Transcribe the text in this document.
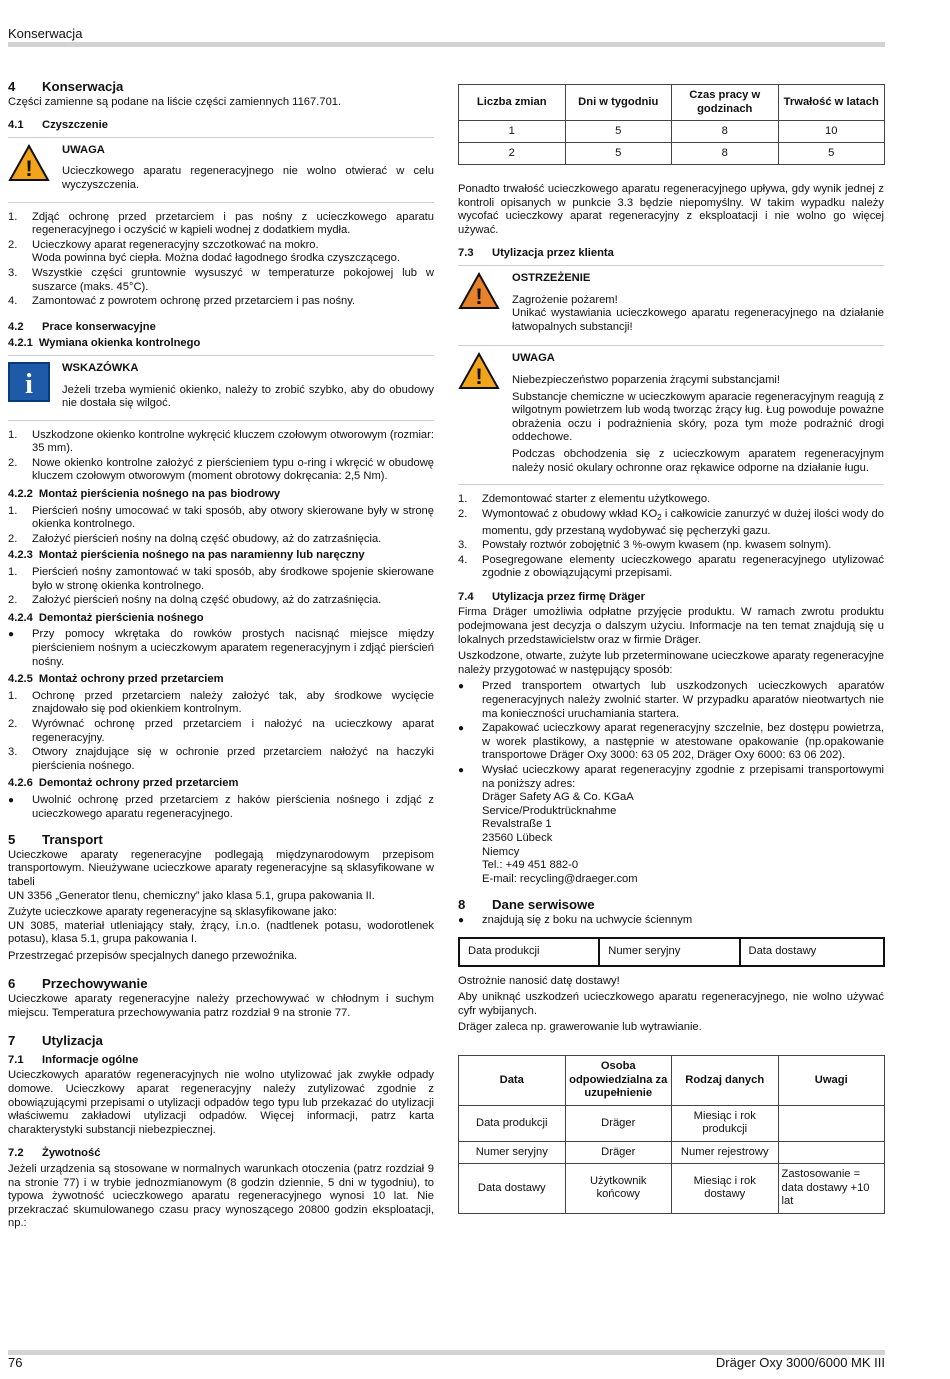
Konserwacja
4	Konserwacja

Części zamienne są podane na liście części zamiennych 1167.701.

4.1	Czyszczenie
!
UWAGA

Ucieczkowego aparatu regeneracyjnego nie wolno otwierać w celu wyczyszczenia.

1.	Zdjąć ochronę przed przetarciem i pas nośny z ucieczkowego aparatu regeneracyjnego i oczyścić w kąpieli wodnej z dodatkiem mydła.
2.	Ucieczkowy aparat regeneracyjny szczotkować na mokro.
Woda powinna być ciepła. Można dodać łagodnego środka czyszczącego.
3.	Wszystkie części gruntownie wysuszyć w temperaturze pokojowej lub w suszarce (maks. 45°C).
4.	Zamontować z powrotem ochronę przed przetarciem i pas nośny.
4.2	Prace konserwacyjne
4.2.1 Wymiana okienka kontrolnego
i
WSKAZÓWKA

Jeżeli trzeba wymienić okienko, należy to zrobić szybko, aby do obudowy nie dostała się wilgoć.

1.	Uszkodzone okienko kontrolne wykręcić kluczem czołowym otworowym (rozmiar: 35 mm).
2.	Nowe okienko kontrolne założyć z pierścieniem typu o-ring i wkręcić w obudowę kluczem czołowym otworowym (moment obrotowy dokręcania: 2,5 Nm).
4.2.2 Montaż pierścienia nośnego na pas biodrowy
1.	Pierścień nośny umocować w taki sposób, aby otwory skierowane były w stronę okienka kontrolnego.
2.	Założyć pierścień nośny na dolną część obudowy, aż do zatrzaśnięcia.
4.2.3 Montaż pierścienia nośnego na pas naramienny lub naręczny
1.	Pierścień nośny zamontować w taki sposób, aby środkowe spojenie skierowane było w stronę okienka kontrolnego.
2.	Założyć pierścień nośny na dolną część obudowy, aż do zatrzaśnięcia.
4.2.4 Demontaż pierścienia nośnego
●
Przy pomocy wkrętaka do rowków prostych nacisnąć miejsce między pierścieniem nośnym a ucieczkowym aparatem regeneracyjnym i zdjąć pierścień nośny.
4.2.5 Montaż ochrony przed przetarciem
1.	Ochronę przed przetarciem należy założyć tak, aby środkowe wycięcie znajdowało się pod okienkiem kontrolnym.
2.	Wyrównać ochronę przed przetarciem i nałożyć na ucieczkowy aparat regeneracyjny.
3.	Otwory znajdujące się w ochronie przed przetarciem nałożyć na haczyki pierścienia nośnego.
4.2.6 Demontaż ochrony przed przetarciem
●
Uwolnić ochronę przed przetarciem z haków pierścienia nośnego i zdjąć z ucieczkowego aparatu regeneracyjnego.
5	Transport

Ucieczkowe aparaty regeneracyjne podlegają międzynarodowym przepisom transportowym. Nieużywane ucieczkowe aparaty regeneracyjne są sklasyfikowane w tabeli
UN 3356 „Generator tlenu, chemiczny” jako klasa 5.1, grupa pakowania II.

Zużyte ucieczkowe aparaty regeneracyjne są sklasyfikowane jako:
UN 3085, materiał utleniający stały, żrący, i.n.o. (nadtlenek potasu, wodorotlenek potasu), klasa 5.1, grupa pakowania I.

Przestrzegać przepisów specjalnych danego przewoźnika.

6	Przechowywanie

Ucieczkowe aparaty regeneracyjne należy przechowywać w chłodnym i suchym miejscu. Temperatura przechowywania patrz rozdział 9 na stronie 77.

7	Utylizacja
7.1	Informacje ogólne

Ucieczkowych aparatów regeneracyjnych nie wolno utylizować jak zwykłe odpady domowe. Ucieczkowy aparat regeneracyjny należy zutylizować zgodnie z obowiązującymi przepisami o utylizacji odpadów tego typu lub przekazać do utylizacji właściwemu zakładowi utylizacji odpadów. Więcej informacji, patrz karta charakterystyki substancji niebezpiecznej.

7.2	Żywotność

Jeżeli urządzenia są stosowane w normalnych warunkach otoczenia (patrz rozdział 9 na stronie 77) i w trybie jednozmianowym (8 godzin dziennie, 5 dni w tygodniu), to typowa żywotność ucieczkowego aparatu regeneracyjnego wynosi 10 lat. Nie przekraczać skumulowanego czasu pracy wynoszącego 20800 godzin eksploatacji, np.:

Liczba zmian	Dni w tygodniu	Czas pracy w godzinach	Trwałość w latach
1	5	8	10
2	5	8	5

Ponadto trwałość ucieczkowego aparatu regeneracyjnego upływa, gdy wynik jednej z kontroli opisanych w punkcie 3.3 będzie niepomyślny. W takim wypadku należy wycofać ucieczkowy aparat regeneracyjny z eksploatacji i nie wolno go więcej używać.

7.3	Utylizacja przez klienta
!
OSTRZEŻENIE

Zagrożenie pożarem!

Unikać wystawiania ucieczkowego aparatu regeneracyjnego na działanie łatwopalnych substancji!

!
UWAGA

Niebezpieczeństwo poparzenia żrącymi substancjami!

Substancje chemiczne w ucieczkowym aparacie regeneracyjnym reagują z wilgotnym powietrzem lub wodą tworząc żrący ług. Ług powoduje poważne obrażenia oczu i podrażnienia skóry, poza tym może podrażnić drogi oddechowe.

Podczas obchodzenia się z ucieczkowym aparatem regeneracyjnym należy nosić okulary ochronne oraz rękawice odporne na działanie ługu.

1.	Zdemontować starter z elementu użytkowego.
2.	Wymontować z obudowy wkład $KO_2$ i całkowicie zanurzyć w dużej ilości wody do momentu, gdy przestaną wydobywać się pęcherzyki gazu.
3.	Powstały roztwór zobojętnić 3 %-owym kwasem (np. kwasem solnym).
4.	Posegregowane elementy ucieczkowego aparatu regeneracyjnego utylizować zgodnie z obowiązującymi przepisami.
7.4	Utylizacja przez firmę Dräger

Firma Dräger umożliwia odpłatne przyjęcie produktu. W ramach zwrotu produktu podejmowana jest decyzja o dalszym użyciu. Informacje na ten temat znajdują się u lokalnych przedstawicielstw oraz w firmie Dräger.

Uszkodzone, otwarte, zużyte lub przeterminowane ucieczkowe aparaty regeneracyjne należy przygotować w następujący sposób:

●
Przed transportem otwartych lub uszkodzonych ucieczkowych aparatów regeneracyjnych należy zwolnić starter. W przypadku aparatów nieotwartych nie ma konieczności uruchamiania startera.
●
Zapakować ucieczkowy aparat regeneracyjny szczelnie, bez dostępu powietrza, w worek plastikowy, a następnie w atestowane opakowanie (np.opakowanie transportowe Dräger Oxy 3000: 63 05 202, Dräger Oxy 6000: 63 06 202).
●
Wysłać ucieczkowy aparat regeneracyjny zgodnie z przepisami transportowymi na poniższy adres:
Dräger Safety AG & Co. KGaA
Service/Produktrücknahme
Revalstraße 1
23560 Lübeck
Niemcy
Tel.: +49 451 882-0
E-mail: recycling@draeger.com
8	Dane serwisowe
●
znajdują się z boku na uchwycie ściennym
Data produkcji	Numer seryjny	Data dostawy

Ostrożnie nanosić datę dostawy!

Aby uniknąć uszkodzeń ucieczkowego aparatu regeneracyjnego, nie wolno używać cyfr wybijanych.

Dräger zaleca np. grawerowanie lub wytrawianie.

Data	Osoba odpowiedzialna za uzupełnienie	Rodzaj danych	Uwagi
Data produkcji	Dräger	Miesiąc i rok produkcji	
Numer seryjny	Dräger	Numer rejestrowy	
Data dostawy	Użytkownik końcowy	Miesiąc i rok dostawy	Zastosowanie = data dostawy +10 lat
76	Dräger Oxy 3000/6000 MK III
